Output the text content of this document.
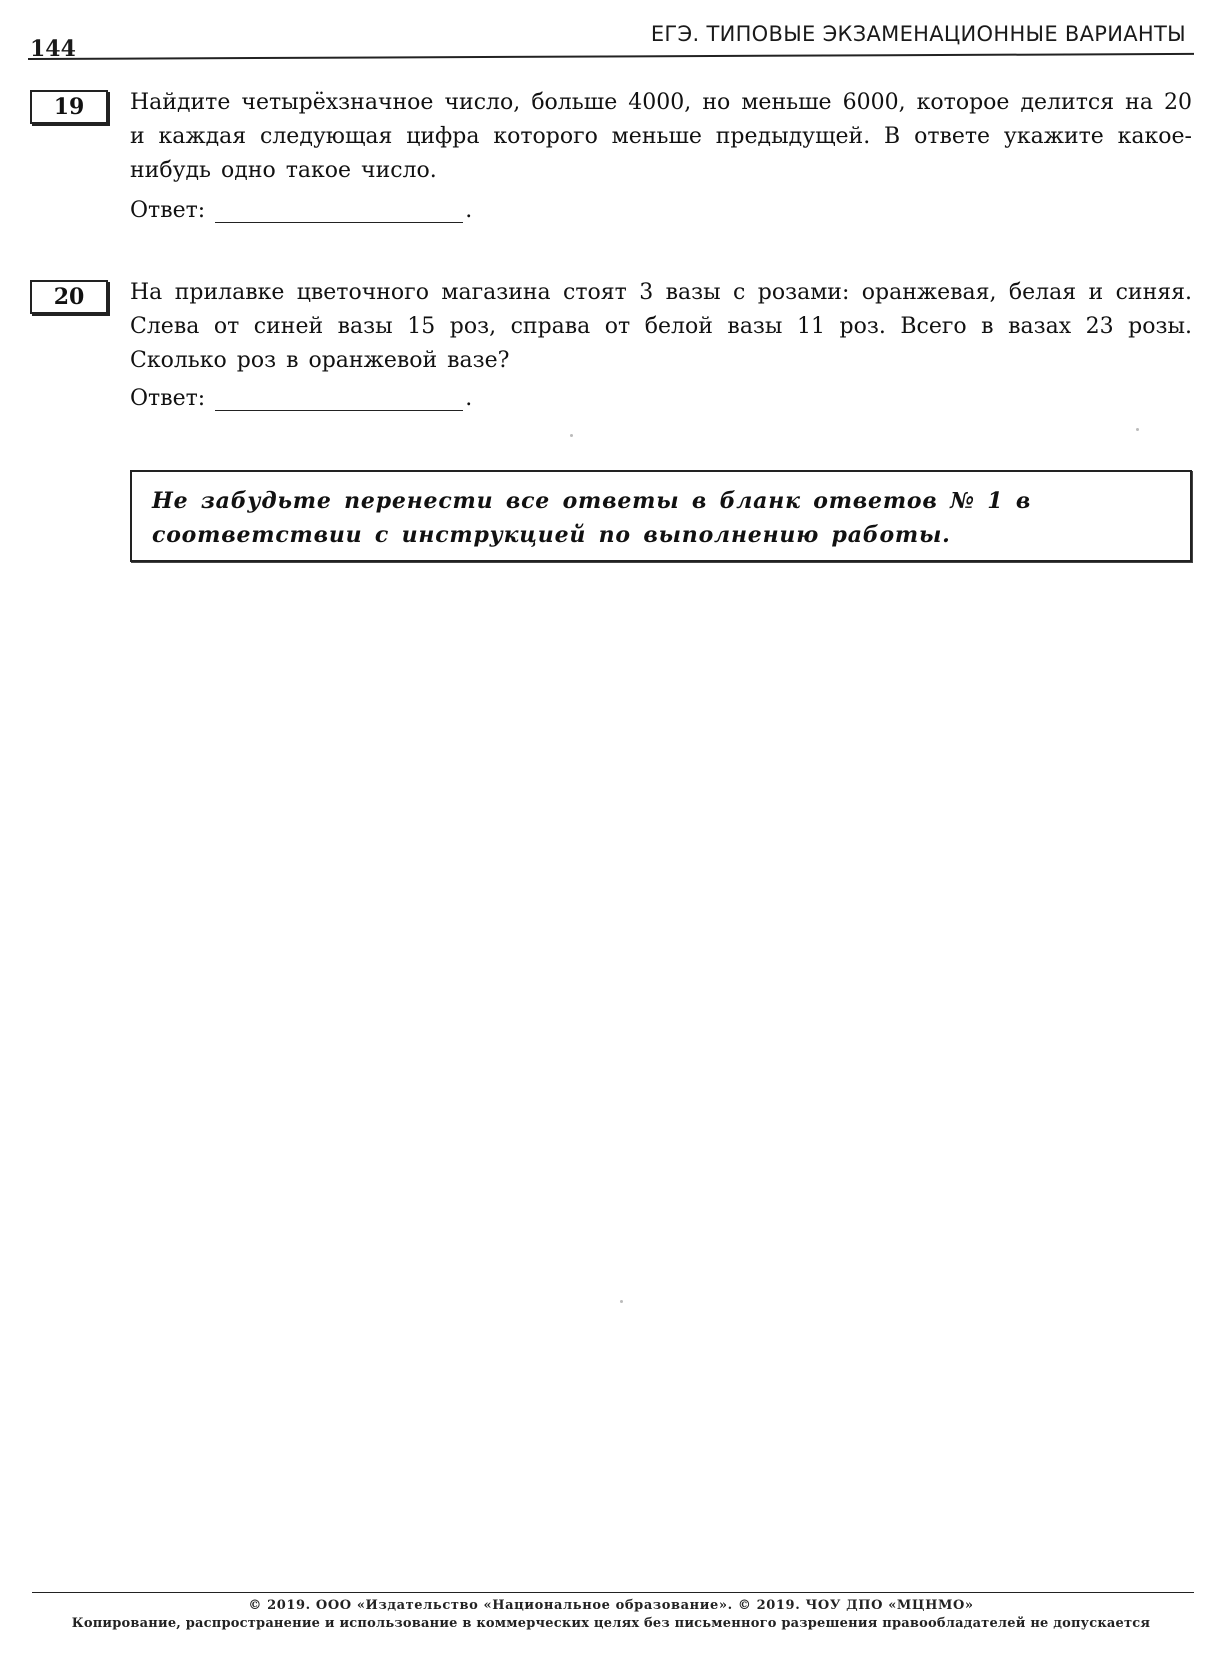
144
ЕГЭ. ТИПОВЫЕ ЭКЗАМЕНАЦИОННЫЕ ВАРИАНТЫ
19	Найдите четырёхзначное число, больше 4000, но меньше 6000, которое делится на 20 и каждая следующая цифра которого меньше предыдущей. В ответе укажите какое-нибудь одно такое число.
Ответ:	.
20	На прилавке цветочного магазина стоят 3 вазы с розами: оранжевая, белая и синяя. Слева от синей вазы 15 роз, справа от белой вазы 11 роз. Всего в вазах 23 розы. Сколько роз в оранжевой вазе?
Ответ:	.
Не забудьте перенести все ответы в бланк ответов № 1 в соответствии с инструкцией по выполнению работы.
© 2019. ООО «Издательство «Национальное образование». © 2019. ЧОУ ДПО «МЦНМО»
Копирование, распространение и использование в коммерческих целях без письменного разрешения правообладателей не допускается
